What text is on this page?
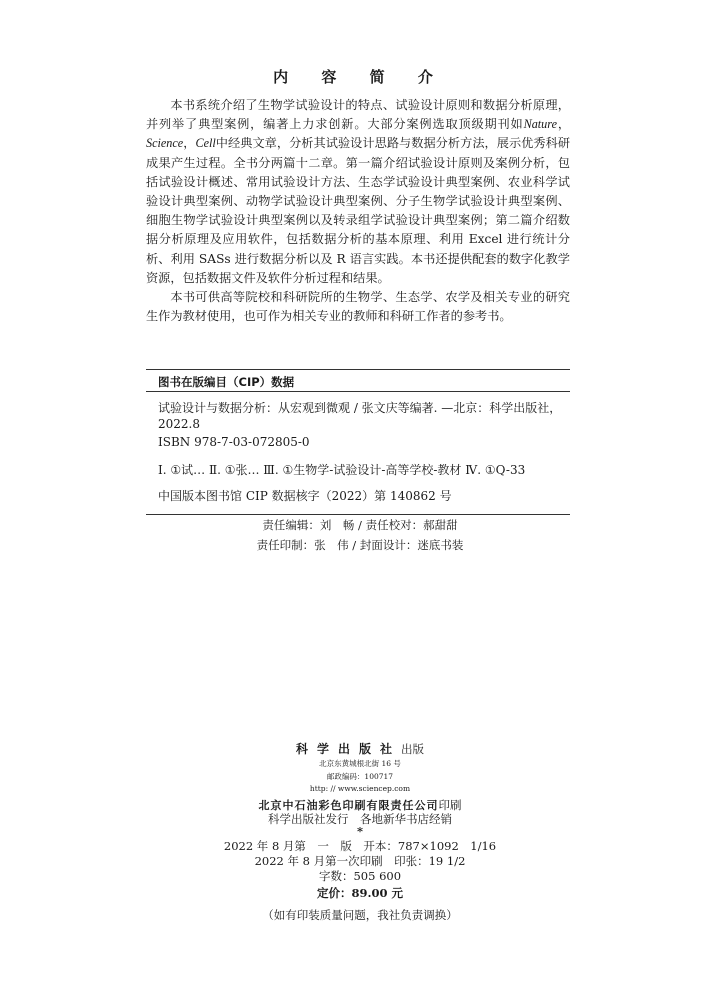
内 容 简 介

本书系统介绍了生物学试验设计的特点、试验设计原则和数据分析原理，并列举了典型案例，编著上力求创新。大部分案例选取顶级期刊如Nature，Science，Cell中经典文章，分析其试验设计思路与数据分析方法，展示优秀科研成果产生过程。全书分两篇十二章。第一篇介绍试验设计原则及案例分析，包括试验设计概述、常用试验设计方法、生态学试验设计典型案例、农业科学试验设计典型案例、动物学试验设计典型案例、分子生物学试验设计典型案例、细胞生物学试验设计典型案例以及转录组学试验设计典型案例；第二篇介绍数据分析原理及应用软件，包括数据分析的基本原理、利用 Excel 进行统计分析、利用 SASs 进行数据分析以及 R 语言实践。本书还提供配套的数字化教学资源，包括数据文件及软件分析过程和结果。

本书可供高等院校和科研院所的生物学、生态学、农学及相关专业的研究生作为教材使用，也可作为相关专业的教师和科研工作者的参考书。

图书在版编目（CIP）数据
试验设计与数据分析：从宏观到微观 / 张文庆等编著. —北京：科学出版社，
2022.8
ISBN 978-7-03-072805-0
Ⅰ. ①试… Ⅱ. ①张… Ⅲ. ①生物学-试验设计-高等学校-教材 Ⅳ. ①Q-33
中国版本图书馆 CIP 数据核字（2022）第 140862 号
责任编辑：刘　畅 / 责任校对：郝甜甜
责任印制：张　伟 / 封面设计：迷底书装
科学出版社出版
北京东黄城根北街 16 号
邮政编码：100717
http: // www.sciencep.com
北京中石油彩色印刷有限责任公司印刷
科学出版社发行　各地新华书店经销
*
2022 年 8 月第　一　版　开本：787×1092　1/16
2022 年 8 月第一次印刷　印张：19 1/2
字数：505 600
定价：89.00 元
（如有印装质量问题，我社负责调换）
